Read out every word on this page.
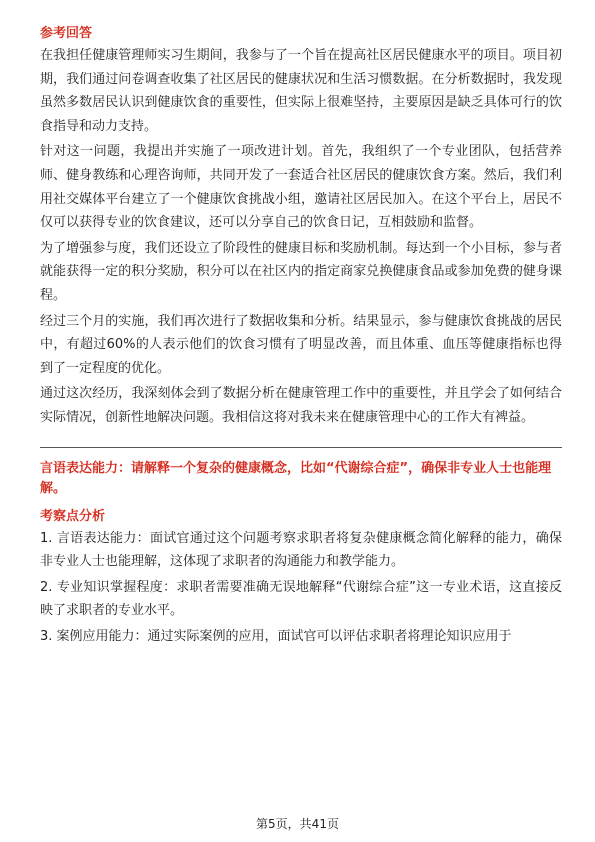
参考回答

在我担任健康管理师实习生期间，我参与了一个旨在提高社区居民健康水平的项目。项目初期，我们通过问卷调查收集了社区居民的健康状况和生活习惯数据。在分析数据时，我发现虽然多数居民认识到健康饮食的重要性，但实际上很难坚持，主要原因是缺乏具体可行的饮食指导和动力支持。

针对这一问题，我提出并实施了一项改进计划。首先，我组织了一个专业团队，包括营养师、健身教练和心理咨询师，共同开发了一套适合社区居民的健康饮食方案。然后，我们利用社交媒体平台建立了一个健康饮食挑战小组，邀请社区居民加入。在这个平台上，居民不仅可以获得专业的饮食建议，还可以分享自己的饮食日记，互相鼓励和监督。

为了增强参与度，我们还设立了阶段性的健康目标和奖励机制。每达到一个小目标，参与者就能获得一定的积分奖励，积分可以在社区内的指定商家兑换健康食品或参加免费的健身课程。

经过三个月的实施，我们再次进行了数据收集和分析。结果显示，参与健康饮食挑战的居民中，有超过60%的人表示他们的饮食习惯有了明显改善，而且体重、血压等健康指标也得到了一定程度的优化。

通过这次经历，我深刻体会到了数据分析在健康管理工作中的重要性，并且学会了如何结合实际情况，创新性地解决问题。我相信这将对我未来在健康管理中心的工作大有裨益。

言语表达能力：请解释一个复杂的健康概念，比如“代谢综合症”，确保非专业人士也能理解。

考察点分析

1. 言语表达能力：面试官通过这个问题考察求职者将复杂健康概念简化解释的能力，确保非专业人士也能理解，这体现了求职者的沟通能力和教学能力。

2. 专业知识掌握程度：求职者需要准确无误地解释“代谢综合症”这一专业术语，这直接反映了求职者的专业水平。

3. 案例应用能力：通过实际案例的应用，面试官可以评估求职者将理论知识应用于

第5页，共41页
